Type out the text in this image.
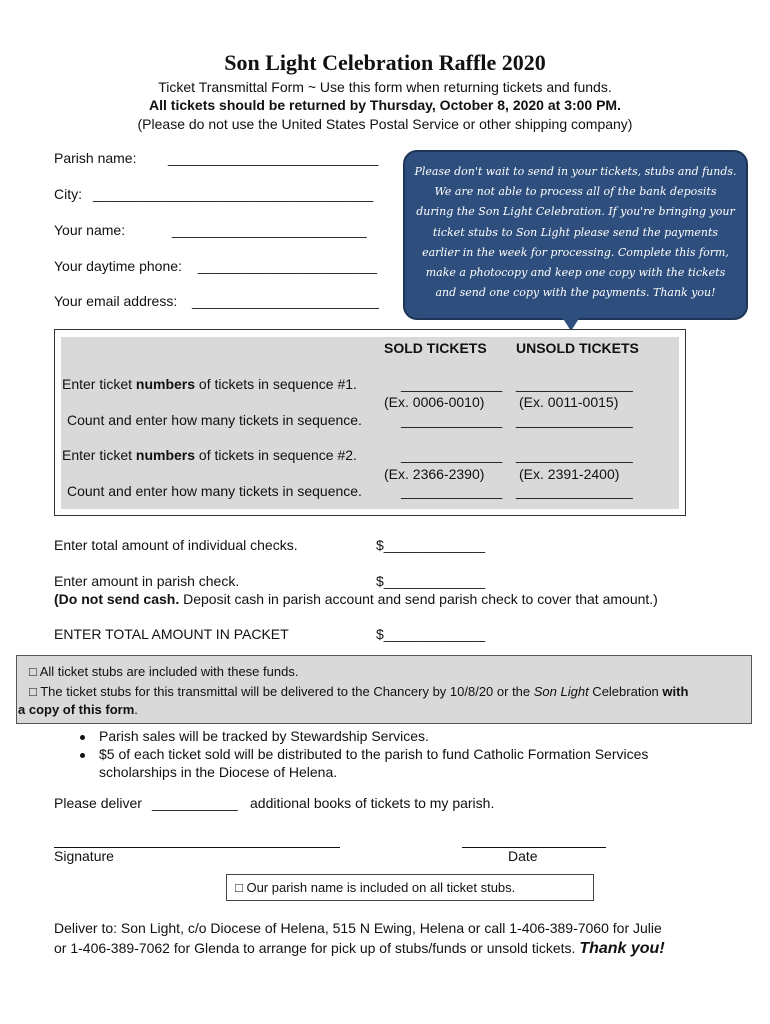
Son Light Celebration Raffle 2020
Ticket Transmittal Form ~ Use this form when returning tickets and funds.
All tickets should be returned by Thursday, October 8, 2020 at 3:00 PM.
(Please do not use the United States Postal Service or other shipping company)
Parish name: ___________________________
City: ____________________________________
Your name:	_________________________
Your daytime phone: _______________________
Your email address: ________________________
Please don't wait to send in your tickets, stubs and funds.
We are not able to process all of the bank deposits
during the Son Light Celebration. If you're bringing your
ticket stubs to Son Light please send the payments
earlier in the week for processing. Complete this form,
make a photocopy and keep one copy with the tickets
and send one copy with the payments. Thank you!
SOLD TICKETS UNSOLD TICKETS
Enter ticket numbers of tickets in sequence #1.	_____________ _______________
(Ex. 0006-0010) (Ex. 0011-0015)
Count and enter how many tickets in sequence.	_____________ _______________
Enter ticket numbers of tickets in sequence #2.	_____________ _______________
(Ex. 2366-2390) (Ex. 2391-2400)
Count and enter how many tickets in sequence.	_____________ _______________
Enter total amount of individual checks.	$_____________
Enter amount in parish check.	$_____________
(Do not send cash. Deposit cash in parish account and send parish check to cover that amount.)
ENTER TOTAL AMOUNT IN PACKET	$_____________
□ All ticket stubs are included with these funds.
□ The ticket stubs for this transmittal will be delivered to the Chancery by 10/8/20 or the Son Light Celebration with
a copy of this form.
Parish sales will be tracked by Stewardship Services.
$5 of each ticket sold will be distributed to the parish to fund Catholic Formation Services
scholarships in the Diocese of Helena.
Please deliver ___________ additional books of tickets to my parish.
Signature	Date
□ Our parish name is included on all ticket stubs.
Deliver to: Son Light, c/o Diocese of Helena, 515 N Ewing, Helena or call 1-406-389-7060 for Julie
or 1-406-389-7062 for Glenda to arrange for pick up of stubs/funds or unsold tickets. Thank you!
